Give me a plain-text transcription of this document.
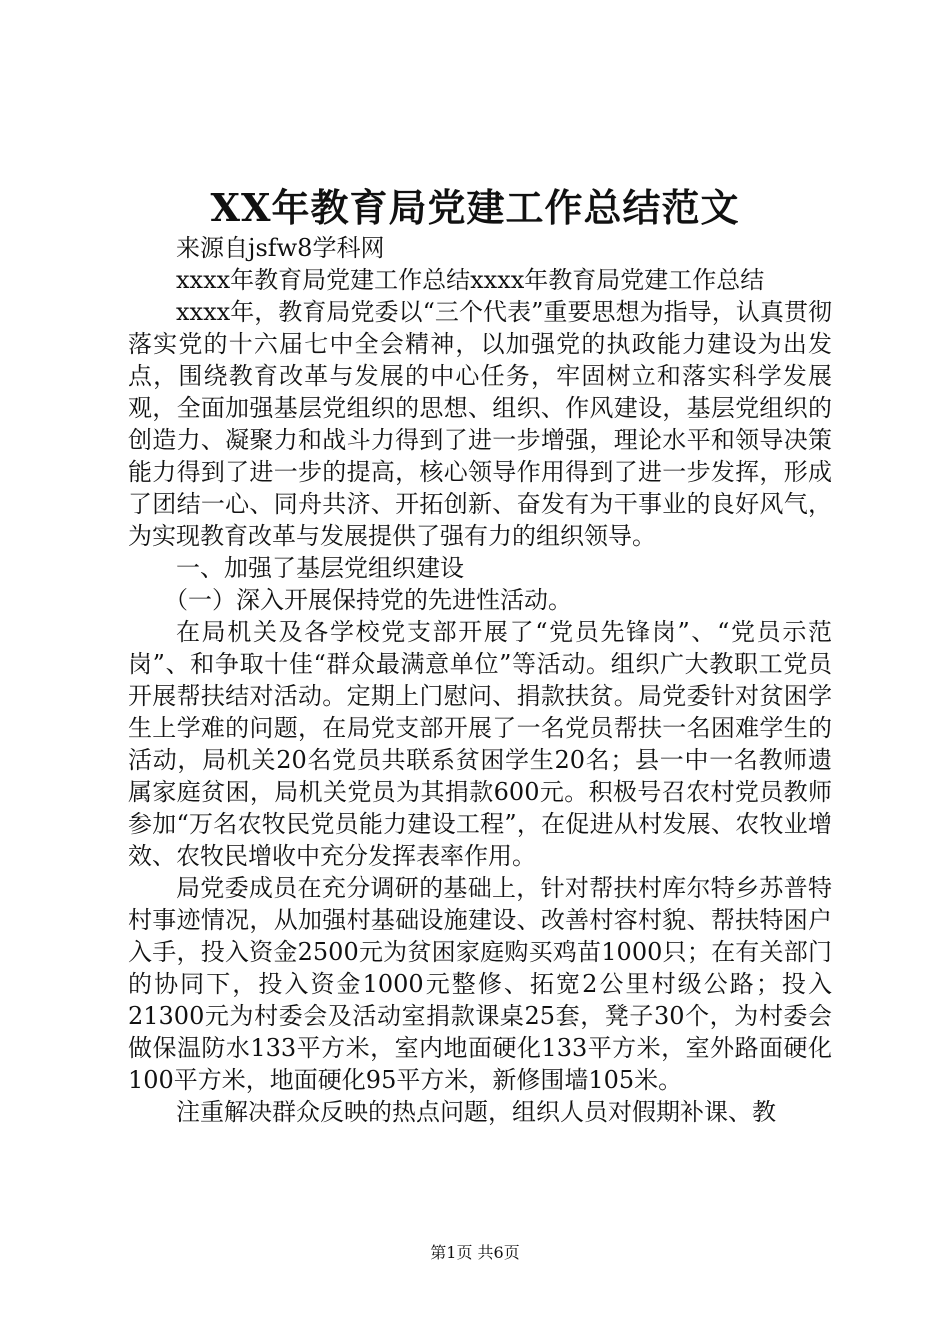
XX年教育局党建工作总结范文

来源自jsfw8学科网

xxxx年教育局党建工作总结xxxx年教育局党建工作总结

xxxx年，教育局党委以“三个代表”重要思想为指导，认真贯彻落实党的十六届七中全会精神，以加强党的执政能力建设为出发点，围绕教育改革与发展的中心任务，牢固树立和落实科学发展观，全面加强基层党组织的思想、组织、作风建设，基层党组织的创造力、凝聚力和战斗力得到了进一步增强，理论水平和领导决策能力得到了进一步的提高，核心领导作用得到了进一步发挥，形成了团结一心、同舟共济、开拓创新、奋发有为干事业的良好风气，为实现教育改革与发展提供了强有力的组织领导。

一、加强了基层党组织建设

（一）深入开展保持党的先进性活动。

在局机关及各学校党支部开展了“党员先锋岗”、“党员示范岗”、和争取十佳“群众最满意单位”等活动。组织广大教职工党员开展帮扶结对活动。定期上门慰问、捐款扶贫。局党委针对贫困学生上学难的问题，在局党支部开展了一名党员帮扶一名困难学生的活动，局机关20名党员共联系贫困学生20名；县一中一名教师遗属家庭贫困，局机关党员为其捐款600元。积极号召农村党员教师参加“万名农牧民党员能力建设工程”，在促进从村发展、农牧业增效、农牧民增收中充分发挥表率作用。

局党委成员在充分调研的基础上，针对帮扶村库尔特乡苏普特村事迹情况，从加强村基础设施建设、改善村容村貌、帮扶特困户入手，投入资金2500元为贫困家庭购买鸡苗1000只；在有关部门的协同下，投入资金1000元整修、拓宽2公里村级公路；投入21300元为村委会及活动室捐款课桌25套，凳子30个，为村委会做保温防水133平方米，室内地面硬化133平方米，室外路面硬化100平方米，地面硬化95平方米，新修围墙105米。

注重解决群众反映的热点问题，组织人员对假期补课、教

第1页 共6页
